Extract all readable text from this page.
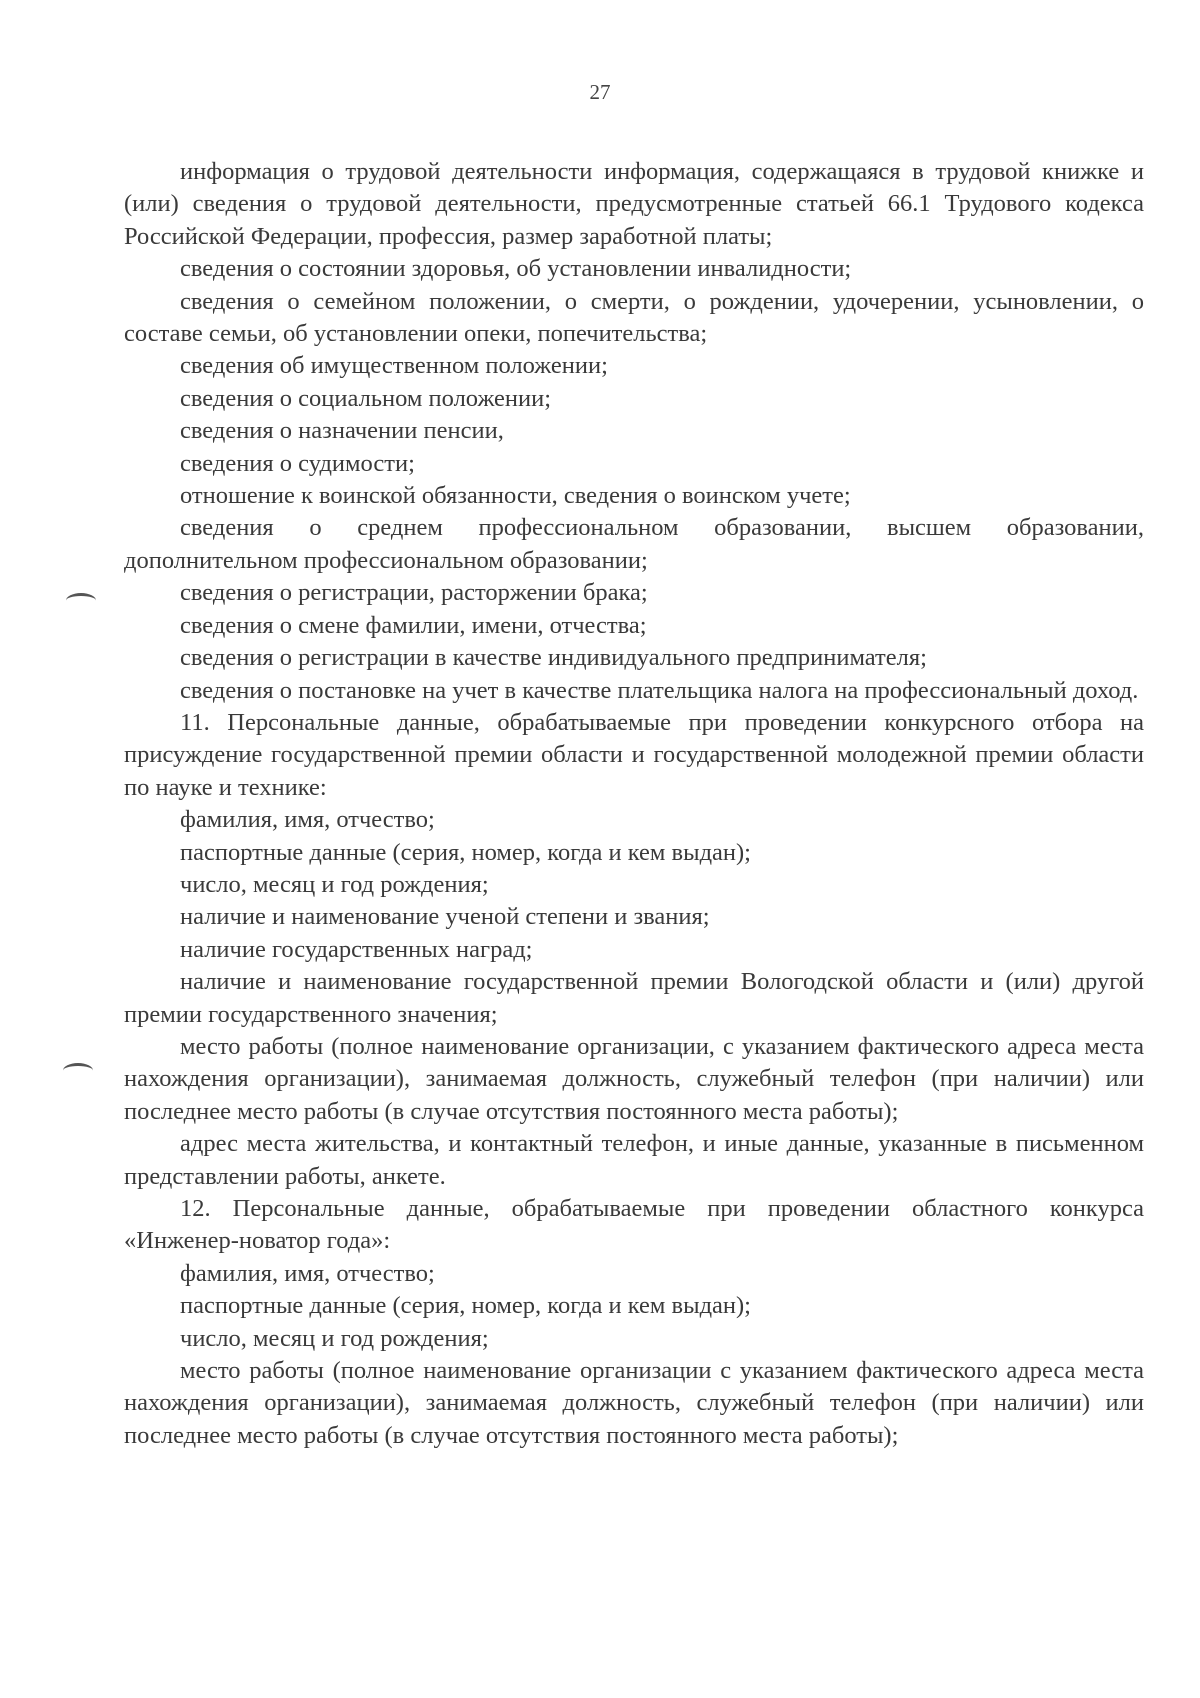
27

информация о трудовой деятельности информация, содержащаяся в трудовой книжке и (или) сведения о трудовой деятельности, предусмотренные статьей 66.1 Трудового кодекса Российской Федерации, профессия, размер заработной платы;

сведения о состоянии здоровья, об установлении инвалидности;

сведения о семейном положении, о смерти, о рождении, удочерении, усыновлении, о составе семьи, об установлении опеки, попечительства;

сведения об имущественном положении;

сведения о социальном положении;

сведения о назначении пенсии,

сведения о судимости;

отношение к воинской обязанности, сведения о воинском учете;

сведения о среднем профессиональном образовании, высшем образовании, дополнительном профессиональном образовании;

сведения о регистрации, расторжении брака;

сведения о смене фамилии, имени, отчества;

сведения о регистрации в качестве индивидуального предпринимателя;

сведения о постановке на учет в качестве плательщика налога на профессиональный доход.

11. Персональные данные, обрабатываемые при проведении конкурсного отбора на присуждение государственной премии области и государственной молодежной премии области по науке и технике:

фамилия, имя, отчество;

паспортные данные (серия, номер, когда и кем выдан);

число, месяц и год рождения;

наличие и наименование ученой степени и звания;

наличие государственных наград;

наличие и наименование государственной премии Вологодской области и (или) другой премии государственного значения;

место работы (полное наименование организации, с указанием фактического адреса места нахождения организации), занимаемая должность, служебный телефон (при наличии) или последнее место работы (в случае отсутствия постоянного места работы);

адрес места жительства, и контактный телефон, и иные данные, указанные в письменном представлении работы, анкете.

12. Персональные данные, обрабатываемые при проведении областного конкурса «Инженер-новатор года»:

фамилия, имя, отчество;

паспортные данные (серия, номер, когда и кем выдан);

число, месяц и год рождения;

место работы (полное наименование организации с указанием фактического адреса места нахождения организации), занимаемая должность, служебный телефон (при наличии) или последнее место работы (в случае отсутствия постоянного места работы);
